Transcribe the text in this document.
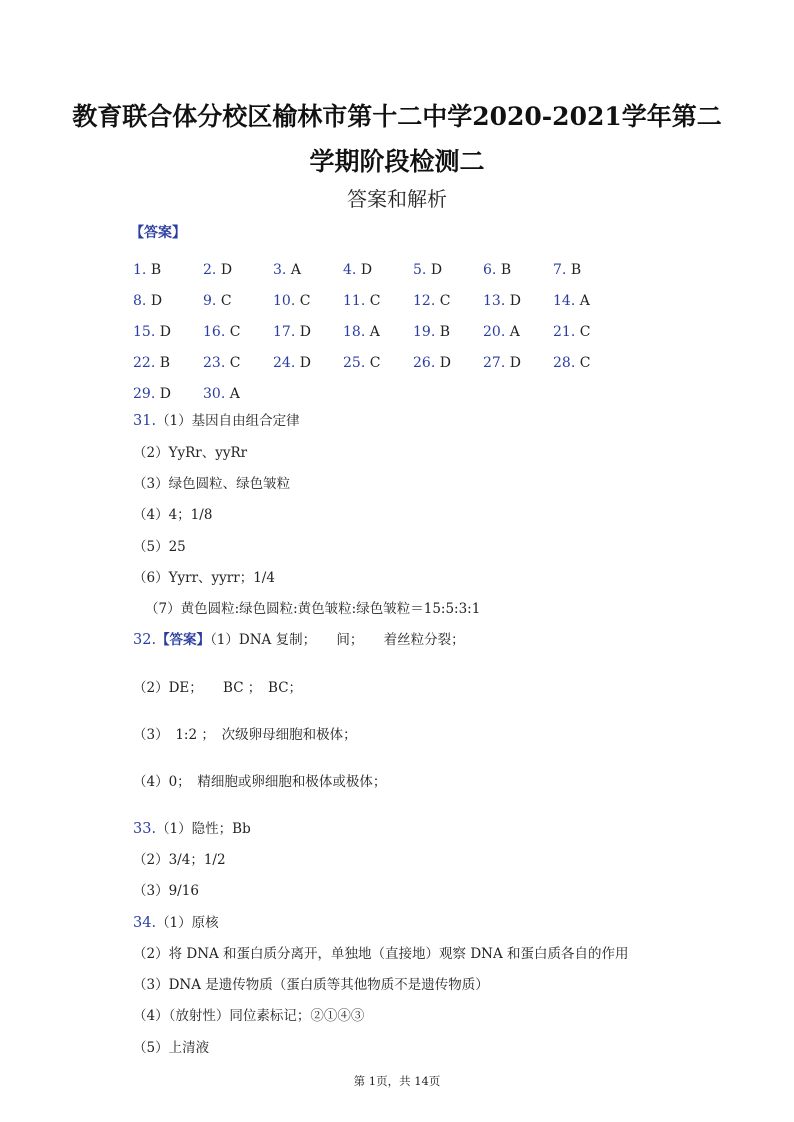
教育联合体分校区榆林市第十二中学2020-2021学年第二
学期阶段检测二
答案和解析
【答案】
1. B	2. D	3. A	4. D	5. D	6. B	7. B
8. D	9. C	10. C	11. C	12. C	13. D	14. A
15. D	16. C	17. D	18. A	19. B	20. A	21. C
22. B	23. C	24. D	25. C	26. D	27. D	28. C
29. D	30. A
31.（1）基因自由组合定律
（2）YyRr、yyRr
（3）绿色圆粒、绿色皱粒
（4）4；1/8
（5）25
（6）Yyrr、yyrr；1/4
（7）黄色圆粒:绿色圆粒:黄色皱粒:绿色皱粒＝15:5:3:1
32.【答案】（1）DNA 复制；　　间；　　着丝粒分裂；
（2）DE；　　BC ；　BC；
（3）　1:2 ；　次级卵母细胞和极体；
（4）0；　精细胞或卵细胞和极体或极体；
33.（1）隐性；Bb
（2）3/4；1/2
（3）9/16
34.（1）原核
（2）将 DNA 和蛋白质分离开，单独地（直接地）观察 DNA 和蛋白质各自的作用
（3）DNA 是遗传物质（蛋白质等其他物质不是遗传物质）
（4）（放射性）同位素标记；②①④③
（5）上清液
第 1页，共 14页
